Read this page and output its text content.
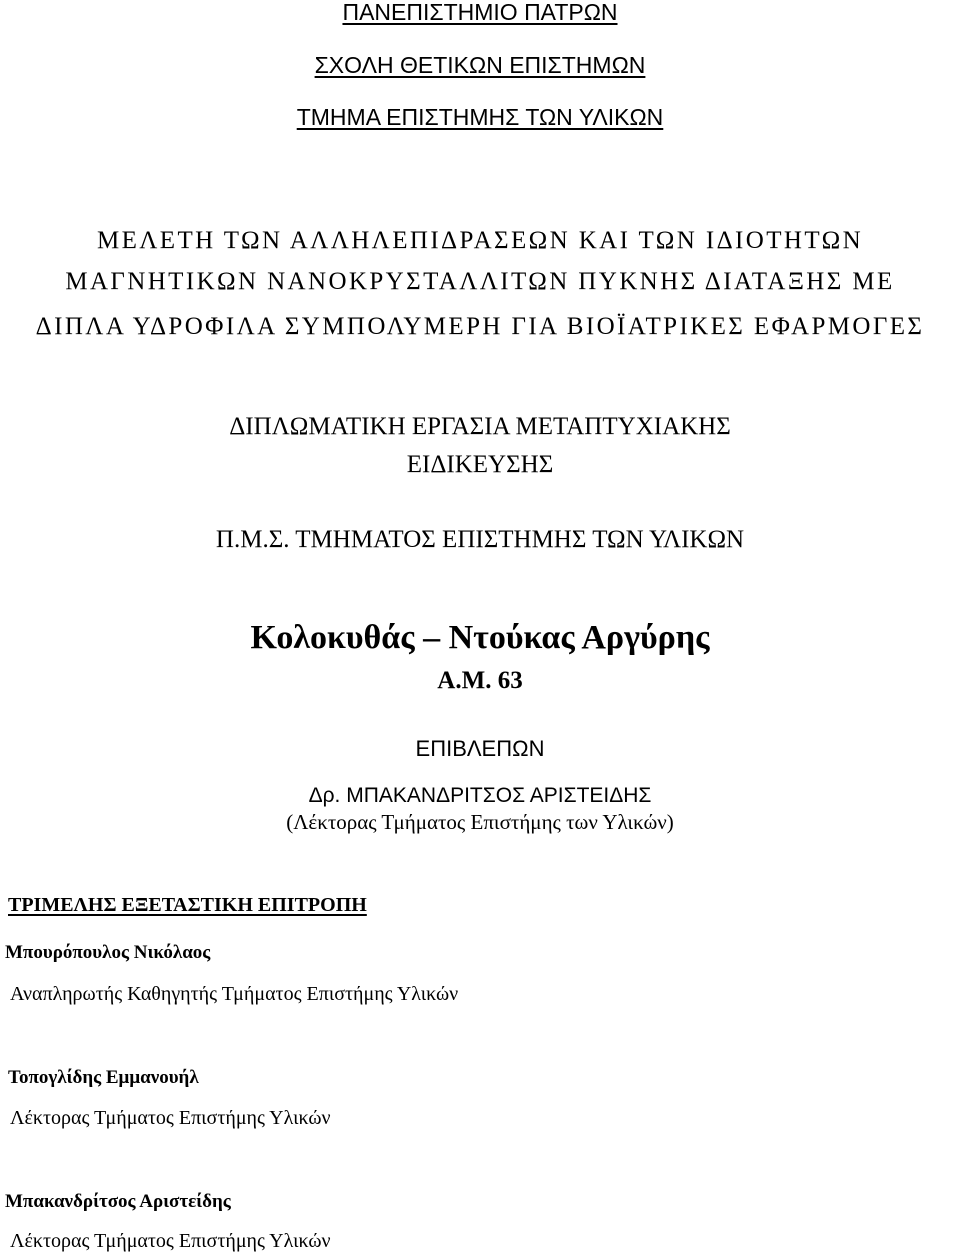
ΠΑΝΕΠΙΣΤΗΜΙΟ ΠΑΤΡΩΝ

ΣΧΟΛΗ ΘΕΤΙΚΩΝ ΕΠΙΣΤΗΜΩΝ

ΤΜΗΜΑ ΕΠΙΣΤΗΜΗΣ ΤΩΝ ΥΛΙΚΩΝ

ΜΕΛΕΤΗ ΤΩΝ ΑΛΛΗΛΕΠΙΔΡΑΣΕΩΝ ΚΑΙ ΤΩΝ ΙΔΙΟΤΗΤΩΝ

ΜΑΓΝΗΤΙΚΩΝ ΝΑΝΟΚΡΥΣΤΑΛΛΙΤΩΝ ΠΥΚΝΗΣ ΔΙΑΤΑΞΗΣ ΜΕ

ΔΙΠΛΑ ΥΔΡΟΦΙΛΑ ΣΥΜΠΟΛΥΜΕΡΗ ΓΙΑ ΒΙΟΪΑΤΡΙΚΕΣ ΕΦΑΡΜΟΓΕΣ

ΔΙΠΛΩΜΑΤΙΚΗ ΕΡΓΑΣΙΑ ΜΕΤΑΠΤΥΧΙΑΚΗΣ

ΕΙΔΙΚΕΥΣΗΣ

Π.Μ.Σ. ΤΜΗΜΑΤΟΣ ΕΠΙΣΤΗΜΗΣ ΤΩΝ ΥΛΙΚΩΝ

Κολοκυθάς – Ντούκας Αργύρης

Α.Μ. 63

ΕΠΙΒΛΕΠΩΝ

Δρ. ΜΠΑΚΑΝΔΡΙΤΣΟΣ ΑΡΙΣΤΕΙΔΗΣ

(Λέκτορας Τμήματος Επιστήμης των Υλικών)

ΤΡΙΜΕΛΗΣ ΕΞΕΤΑΣΤΙΚΗ ΕΠΙΤΡΟΠΗ

Μπουρόπουλος Νικόλαος

Αναπληρωτής Καθηγητής Τμήματος Επιστήμης Υλικών

Τοπογλίδης Εμμανουήλ

Λέκτορας Τμήματος Επιστήμης Υλικών

Μπακανδρίτσος Αριστείδης

Λέκτορας Τμήματος Επιστήμης Υλικών
